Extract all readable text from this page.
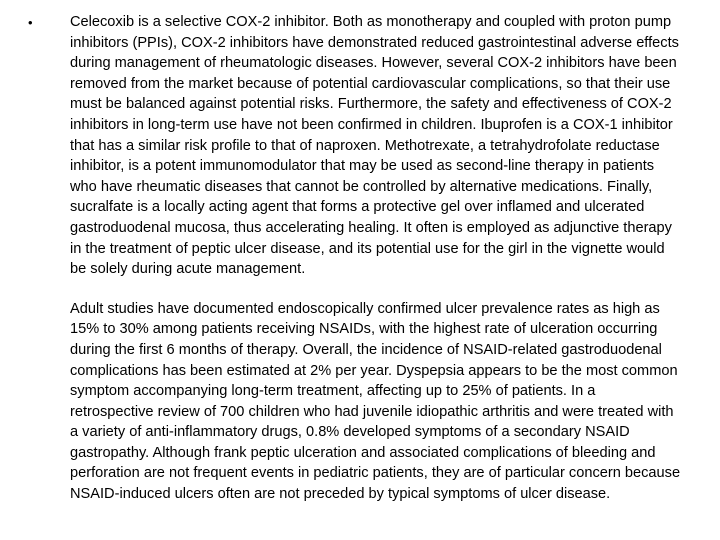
•	Celecoxib is a selective COX-2 inhibitor. Both as monotherapy and coupled with proton pump inhibitors (PPIs), COX-2 inhibitors have demonstrated reduced gastrointestinal adverse effects during management of rheumatologic diseases. However, several COX-2 inhibitors have been removed from the market because of potential cardiovascular complications, so that their use must be balanced against potential risks. Furthermore, the safety and effectiveness of COX-2 inhibitors in long-term use have not been confirmed in children. Ibuprofen is a COX-1 inhibitor that has a similar risk profile to that of naproxen. Methotrexate, a tetrahydrofolate reductase inhibitor, is a potent immunomodulator that may be used as second-line therapy in patients who have rheumatic diseases that cannot be controlled by alternative medications. Finally, sucralfate is a locally acting agent that forms a protective gel over inflamed and ulcerated gastroduodenal mucosa, thus accelerating healing. It often is employed as adjunctive therapy in the treatment of peptic ulcer disease, and its potential use for the girl in the vignette would be solely during acute management.

Adult studies have documented endoscopically confirmed ulcer prevalence rates as high as 15% to 30% among patients receiving NSAIDs, with the highest rate of ulceration occurring during the first 6 months of therapy. Overall, the incidence of NSAID-related gastroduodenal complications has been estimated at 2% per year. Dyspepsia appears to be the most common symptom accompanying long-term treatment, affecting up to 25% of patients. In a retrospective review of 700 children who had juvenile idiopathic arthritis and were treated with a variety of anti-inflammatory drugs, 0.8% developed symptoms of a secondary NSAID gastropathy. Although frank peptic ulceration and associated complications of bleeding and perforation are not frequent events in pediatric patients, they are of particular concern because NSAID-induced ulcers often are not preceded by typical symptoms of ulcer disease.
